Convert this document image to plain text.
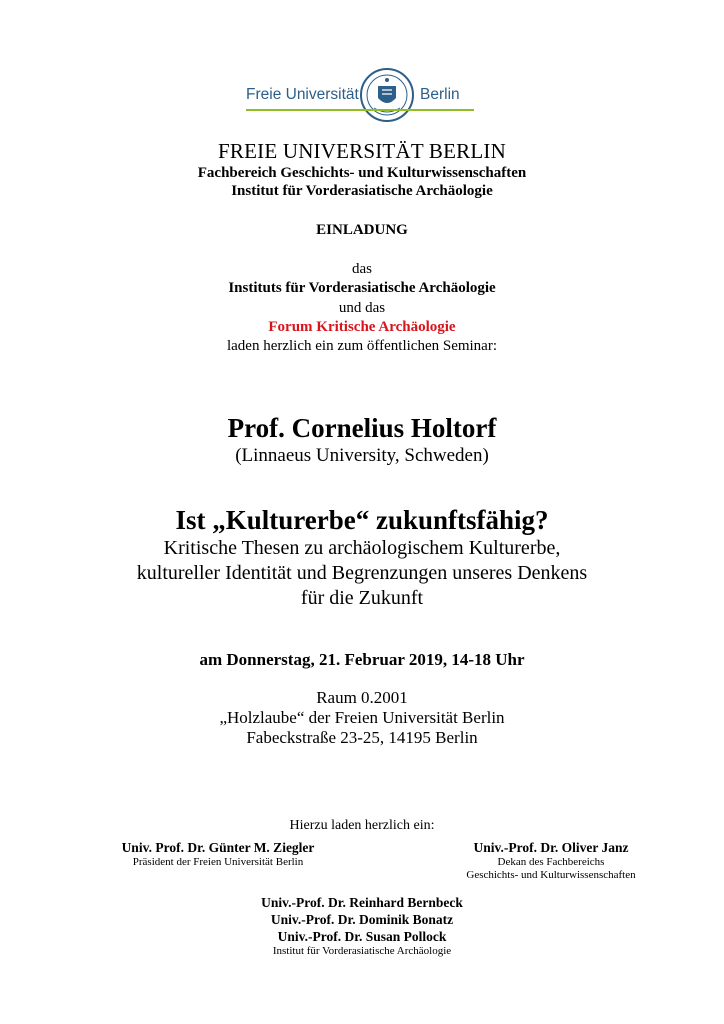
Freie Universität	Berlin

FREIE UNIVERSITÄT BERLIN

Fachbereich Geschichts- und Kulturwissenschaften

Institut für Vorderasiatische Archäologie

EINLADUNG

das

Instituts für Vorderasiatische Archäologie

und das

Forum Kritische Archäologie

laden herzlich ein zum öffentlichen Seminar:

Prof. Cornelius Holtorf

(Linnaeus University, Schweden)

Ist „Kulturerbe“ zukunftsfähig?

Kritische Thesen zu archäologischem Kulturerbe,

kultureller Identität und Begrenzungen unseres Denkens

für die Zukunft

am Donnerstag, 21. Februar 2019, 14-18 Uhr

Raum 0.2001

„Holzlaube“ der Freien Universität Berlin

Fabeckstraße 23-25, 14195 Berlin

Hierzu laden herzlich ein:

Univ. Prof. Dr. Günter M. Ziegler

Präsident der Freien Universität Berlin

Univ.-Prof. Dr. Oliver Janz

Dekan des Fachbereichs

Geschichts- und Kulturwissenschaften

Univ.-Prof. Dr. Reinhard Bernbeck

Univ.-Prof. Dr. Dominik Bonatz

Univ.-Prof. Dr. Susan Pollock

Institut für Vorderasiatische Archäologie
